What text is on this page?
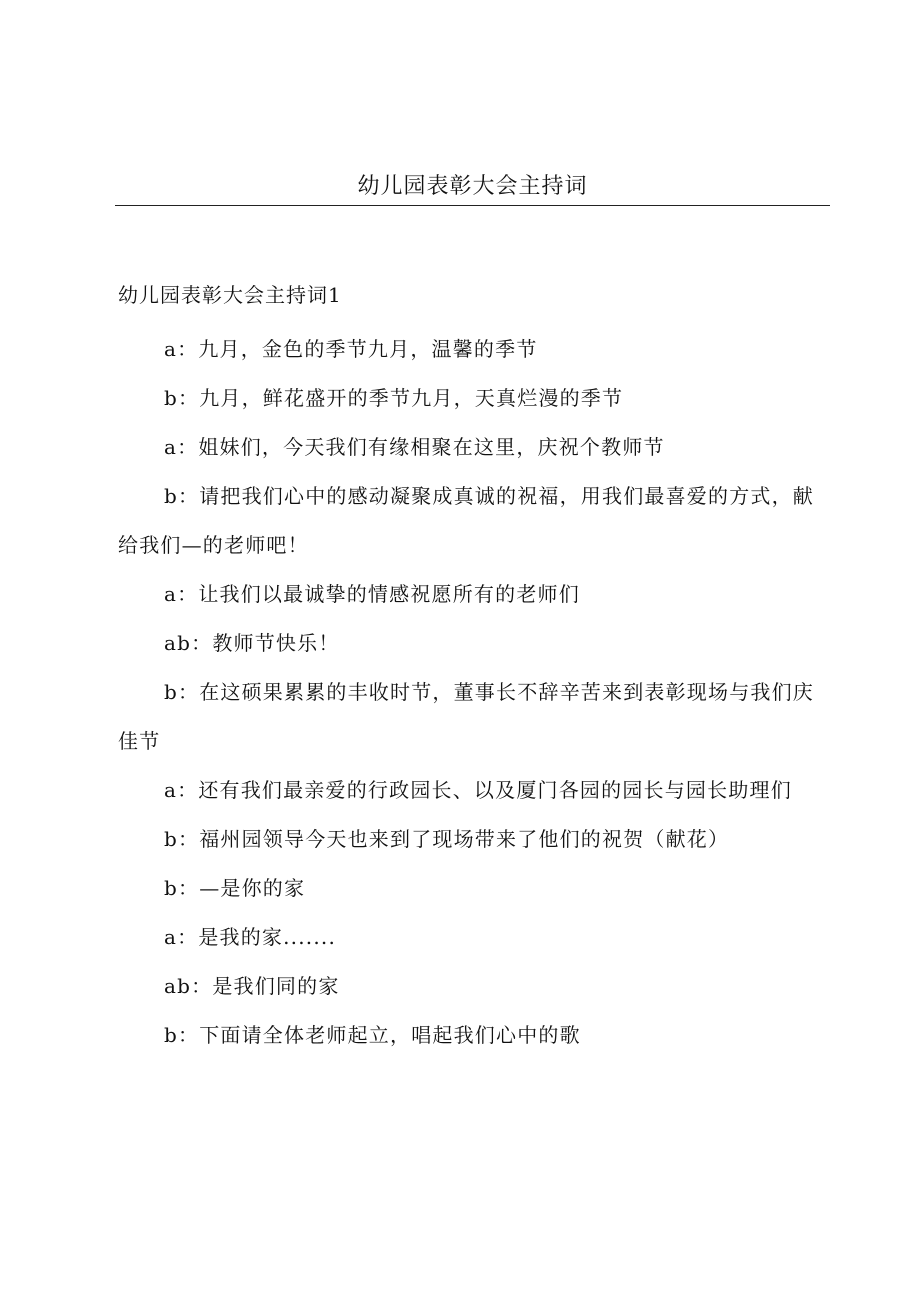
幼儿园表彰大会主持词
幼儿园表彰大会主持词1

a：九月，金色的季节九月，温馨的季节

b：九月，鲜花盛开的季节九月，天真烂漫的季节

a：姐妹们，今天我们有缘相聚在这里，庆祝个教师节

b：请把我们心中的感动凝聚成真诚的祝福，用我们最喜爱的方式，献给我们—的老师吧！

a：让我们以最诚挚的情感祝愿所有的老师们

ab：教师节快乐！

b：在这硕果累累的丰收时节，董事长不辞辛苦来到表彰现场与我们庆佳节

a：还有我们最亲爱的行政园长、以及厦门各园的园长与园长助理们

b：福州园领导今天也来到了现场带来了他们的祝贺（献花）

b：—是你的家

a：是我的家.......

ab：是我们同的家

b：下面请全体老师起立，唱起我们心中的歌
